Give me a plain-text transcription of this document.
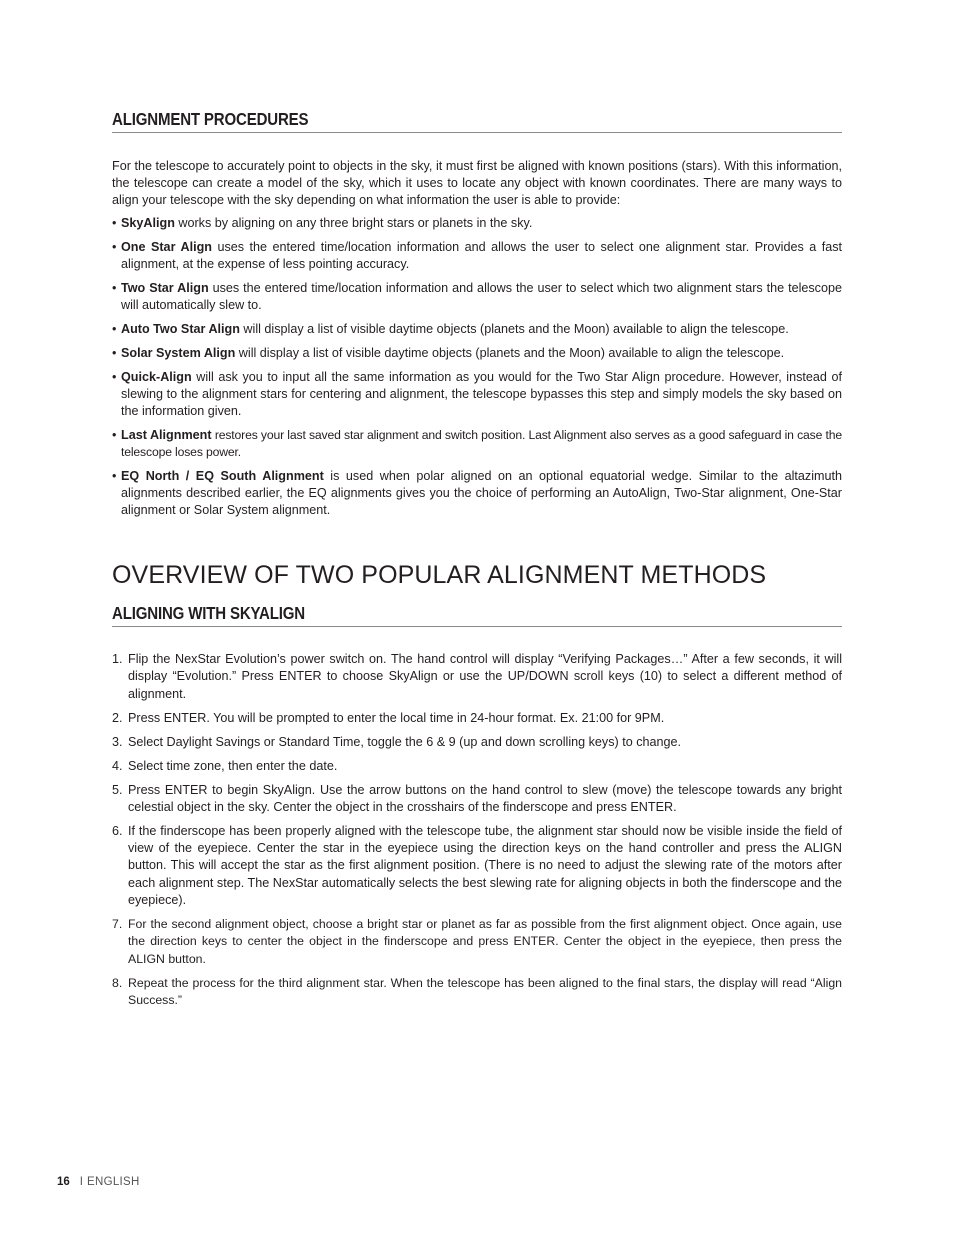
ALIGNMENT PROCEDURES
For the telescope to accurately point to objects in the sky, it must first be aligned with known positions (stars). With this information, the telescope can create a model of the sky, which it uses to locate any object with known coordinates. There are many ways to align your telescope with the sky depending on what information the user is able to provide:
• SkyAlign works by aligning on any three bright stars or planets in the sky.
• One Star Align uses the entered time/location information and allows the user to select one alignment star. Provides a fast alignment, at the expense of less pointing accuracy.
• Two Star Align uses the entered time/location information and allows the user to select which two alignment stars the telescope will automatically slew to.
• Auto Two Star Align will display a list of visible daytime objects (planets and the Moon) available to align the telescope.
• Solar System Align will display a list of visible daytime objects (planets and the Moon) available to align the telescope.
• Quick-Align will ask you to input all the same information as you would for the Two Star Align procedure. However, instead of slewing to the alignment stars for centering and alignment, the telescope bypasses this step and simply models the sky based on the information given.
• Last Alignment restores your last saved star alignment and switch position. Last Alignment also serves as a good safeguard in case the telescope loses power.
• EQ North / EQ South Alignment is used when polar aligned on an optional equatorial wedge. Similar to the altazimuth alignments described earlier, the EQ alignments gives you the choice of performing an AutoAlign, Two-Star alignment, One-Star alignment or Solar System alignment.
OVERVIEW OF TWO POPULAR ALIGNMENT METHODS
ALIGNING WITH SKYALIGN
1. Flip the NexStar Evolution’s power switch on. The hand control will display “Verifying Packages…” After a few seconds, it will display “Evolution.” Press ENTER to choose SkyAlign or use the UP/DOWN scroll keys (10) to select a different method of alignment.
2. Press ENTER. You will be prompted to enter the local time in 24-hour format. Ex. 21:00 for 9PM.
3. Select Daylight Savings or Standard Time, toggle the 6 & 9 (up and down scrolling keys) to change.
4. Select time zone, then enter the date.
5. Press ENTER to begin SkyAlign. Use the arrow buttons on the hand control to slew (move) the telescope towards any bright celestial object in the sky. Center the object in the crosshairs of the finderscope and press ENTER.
6. If the finderscope has been properly aligned with the telescope tube, the alignment star should now be visible inside the field of view of the eyepiece. Center the star in the eyepiece using the direction keys on the hand controller and press the ALIGN button. This will accept the star as the first alignment position. (There is no need to adjust the slewing rate of the motors after each alignment step. The NexStar automatically selects the best slewing rate for aligning objects in both the finderscope and the eyepiece).
7. For the second alignment object, choose a bright star or planet as far as possible from the first alignment object. Once again, use the direction keys to center the object in the finderscope and press ENTER. Center the object in the eyepiece, then press the ALIGN button.
8. Repeat the process for the third alignment star. When the telescope has been aligned to the final stars, the display will read “Align Success.”
16 I ENGLISH
